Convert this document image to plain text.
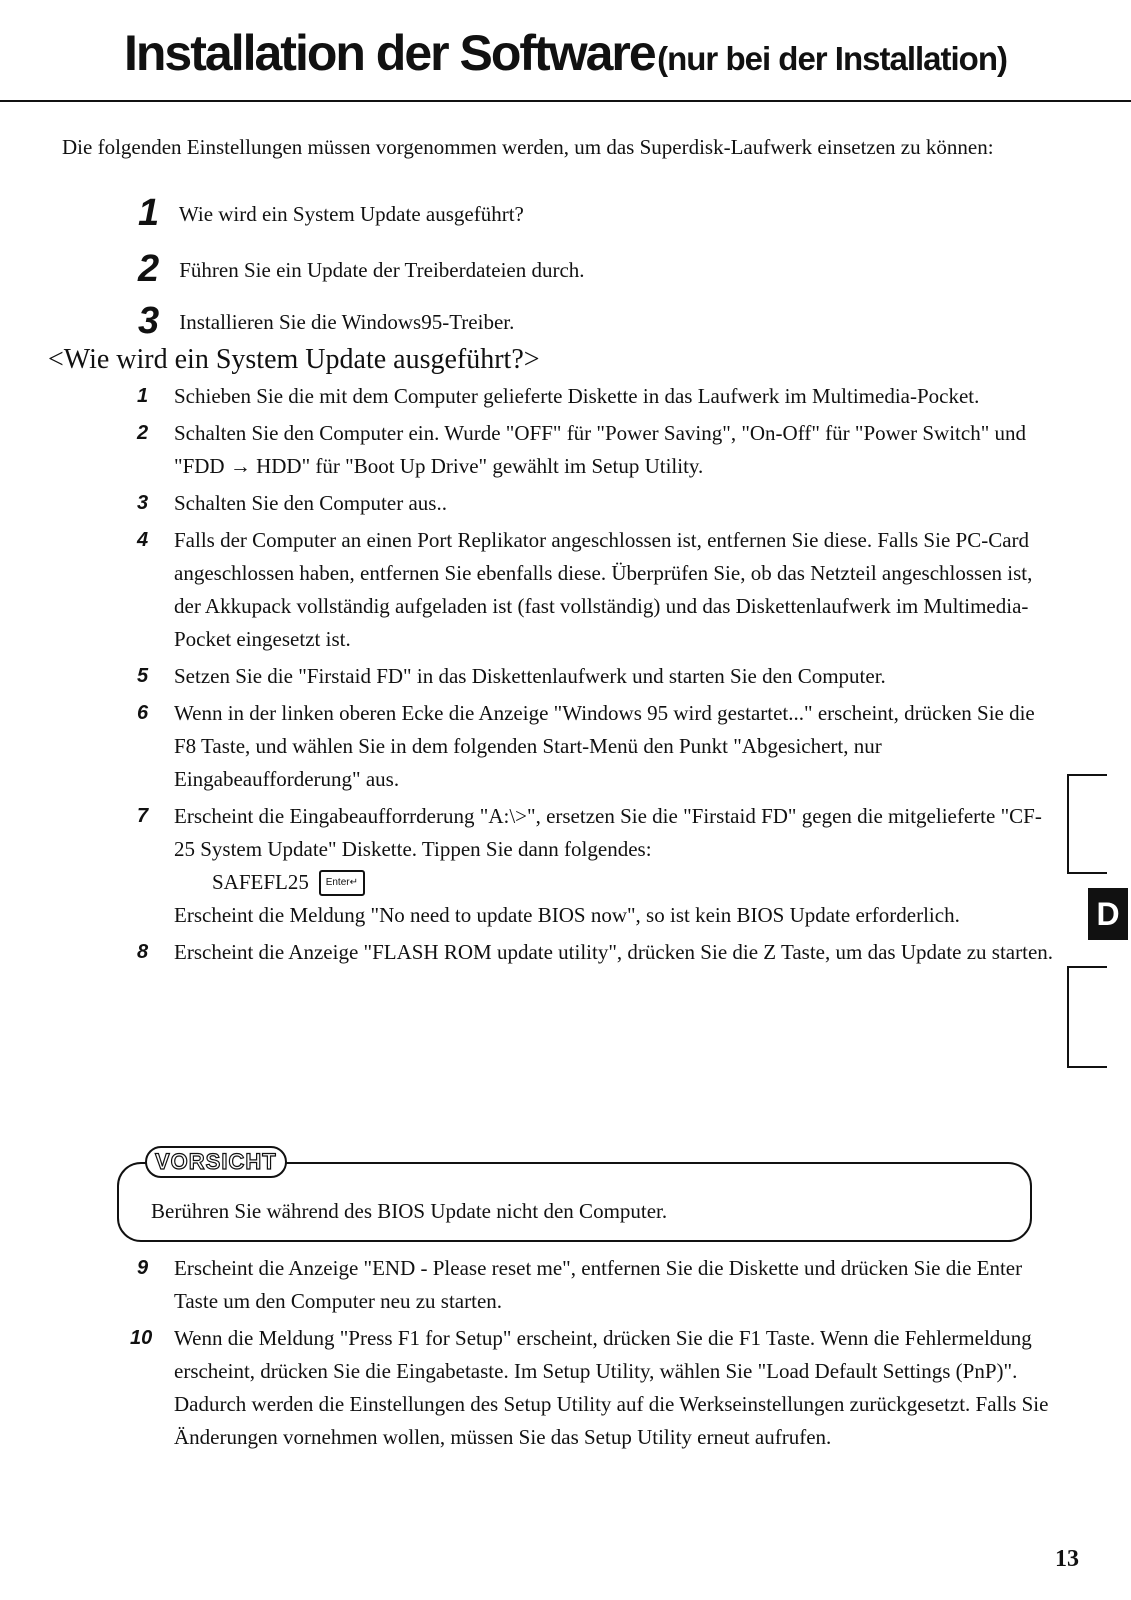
Installation der Software (nur bei der Installation)
Die folgenden Einstellungen müssen vorgenommen werden, um das Superdisk-Laufwerk einsetzen zu können:
1 Wie wird ein System Update ausgeführt?
2 Führen Sie ein Update der Treiberdateien durch.
3 Installieren Sie die Windows95-Treiber.
<Wie wird ein System Update ausgeführt?>
1 Schieben Sie die mit dem Computer gelieferte Diskette in das Laufwerk im Multimedia-Pocket.
2 Schalten Sie den Computer ein. Wurde "OFF" für "Power Saving", "On-Off" für "Power Switch" und "FDD → HDD" für "Boot Up Drive" gewählt im Setup Utility.
3 Schalten Sie den Computer aus..
4 Falls der Computer an einen Port Replikator angeschlossen ist, entfernen Sie diese. Falls Sie PC-Card angeschlossen haben, entfernen Sie ebenfalls diese. Überprüfen Sie, ob das Netzteil angeschlossen ist, der Akkupack vollständig aufgeladen ist (fast vollständig) und das Diskettenlaufwerk im Multimedia-Pocket eingesetzt ist.
5 Setzen Sie die "Firstaid FD" in das Diskettenlaufwerk und starten Sie den Computer.
6 Wenn in der linken oberen Ecke die Anzeige "Windows 95 wird gestartet..." erscheint, drücken Sie die F8 Taste, und wählen Sie in dem folgenden Start-Menü den Punkt "Abgesichert, nur Eingabeaufforderung" aus.
7 Erscheint die Eingabeaufforrderung "A:\>", ersetzen Sie die "Firstaid FD" gegen die mitgelieferte "CF-25 System Update" Diskette. Tippen Sie dann folgendes:
SAFEFL25 Enter ↵
Erscheint die Meldung "No need to update BIOS now", so ist kein BIOS Update erforderlich.
8 Erscheint die Anzeige "FLASH ROM update utility", drücken Sie die Z Taste, um das Update zu starten.
VORSICHT
Berühren Sie während des BIOS Update nicht den Computer.
9 Erscheint die Anzeige "END - Please reset me", entfernen Sie die Diskette und drücken Sie die Enter Taste um den Computer neu zu starten.
10 Wenn die Meldung "Press F1 for Setup" erscheint, drücken Sie die F1 Taste. Wenn die Fehlermeldung erscheint, drücken Sie die Eingabetaste. Im Setup Utility, wählen Sie "Load Default Settings (PnP)".
Dadurch werden die Einstellungen des Setup Utility auf die Werkseinstellungen zurückgesetzt. Falls Sie Änderungen vornehmen wollen, müssen Sie das Setup Utility erneut aufrufen.
D
13
